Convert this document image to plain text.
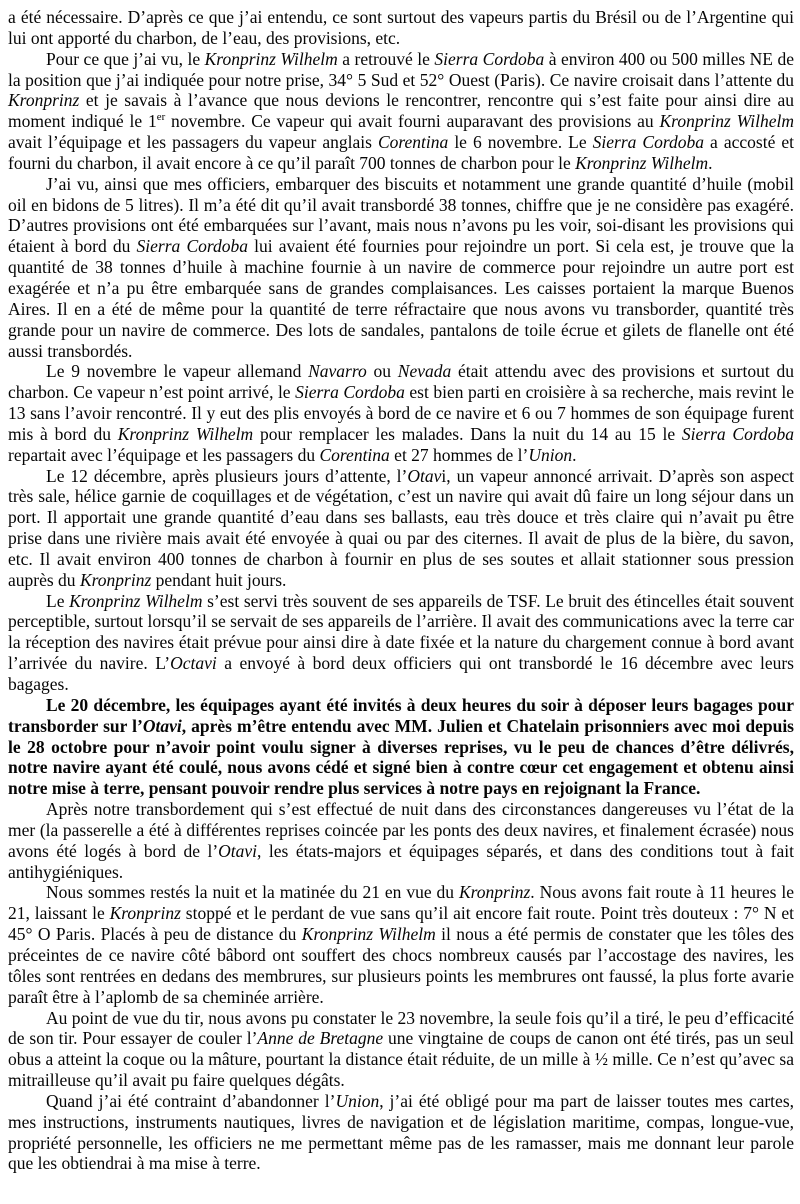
a été nécessaire. D’après ce que j’ai entendu, ce sont surtout des vapeurs partis du Brésil ou de l’Argentine qui lui ont apporté du charbon, de l’eau, des provisions, etc.

Pour ce que j’ai vu, le Kronprinz Wilhelm a retrouvé le Sierra Cordoba à environ 400 ou 500 milles NE de la position que j’ai indiquée pour notre prise, 34° 5 Sud et 52° Ouest (Paris). Ce navire croisait dans l’attente du Kronprinz et je savais à l’avance que nous devions le rencontrer, rencontre qui s’est faite pour ainsi dire au moment indiqué le 1er novembre. Ce vapeur qui avait fourni auparavant des provisions au Kronprinz Wilhelm avait l’équipage et les passagers du vapeur anglais Corentina le 6 novembre. Le Sierra Cordoba a accosté et fourni du charbon, il avait encore à ce qu’il paraît 700 tonnes de charbon pour le Kronprinz Wilhelm.

J’ai vu, ainsi que mes officiers, embarquer des biscuits et notamment une grande quantité d’huile (mobil oil en bidons de 5 litres). Il m’a été dit qu’il avait transbordé 38 tonnes, chiffre que je ne considère pas exagéré. D’autres provisions ont été embarquées sur l’avant, mais nous n’avons pu les voir, soi-disant les provisions qui étaient à bord du Sierra Cordoba lui avaient été fournies pour rejoindre un port. Si cela est, je trouve que la quantité de 38 tonnes d’huile à machine fournie à un navire de commerce pour rejoindre un autre port est exagérée et n’a pu être embarquée sans de grandes complaisances. Les caisses portaient la marque Buenos Aires. Il en a été de même pour la quantité de terre réfractaire que nous avons vu transborder, quantité très grande pour un navire de commerce. Des lots de sandales, pantalons de toile écrue et gilets de flanelle ont été aussi transbordés.

Le 9 novembre le vapeur allemand Navarro ou Nevada était attendu avec des provisions et surtout du charbon. Ce vapeur n’est point arrivé, le Sierra Cordoba est bien parti en croisière à sa recherche, mais revint le 13 sans l’avoir rencontré. Il y eut des plis envoyés à bord de ce navire et 6 ou 7 hommes de son équipage furent mis à bord du Kronprinz Wilhelm pour remplacer les malades. Dans la nuit du 14 au 15 le Sierra Cordoba repartait avec l’équipage et les passagers du Corentina et 27 hommes de l’Union.

Le 12 décembre, après plusieurs jours d’attente, l’Otavi, un vapeur annoncé arrivait. D’après son aspect très sale, hélice garnie de coquillages et de végétation, c’est un navire qui avait dû faire un long séjour dans un port. Il apportait une grande quantité d’eau dans ses ballasts, eau très douce et très claire qui n’avait pu être prise dans une rivière mais avait été envoyée à quai ou par des citernes. Il avait de plus de la bière, du savon, etc. Il avait environ 400 tonnes de charbon à fournir en plus de ses soutes et allait stationner sous pression auprès du Kronprinz pendant huit jours.

Le Kronprinz Wilhelm s’est servi très souvent de ses appareils de TSF. Le bruit des étincelles était souvent perceptible, surtout lorsqu’il se servait de ses appareils de l’arrière. Il avait des communications avec la terre car la réception des navires était prévue pour ainsi dire à date fixée et la nature du chargement connue à bord avant l’arrivée du navire. L’Octavi a envoyé à bord deux officiers qui ont transbordé le 16 décembre avec leurs bagages.

Le 20 décembre, les équipages ayant été invités à deux heures du soir à déposer leurs bagages pour transborder sur l’Otavi, après m’être entendu avec MM. Julien et Chatelain prisonniers avec moi depuis le 28 octobre pour n’avoir point voulu signer à diverses reprises, vu le peu de chances d’être délivrés, notre navire ayant été coulé, nous avons cédé et signé bien à contre cœur cet engagement et obtenu ainsi notre mise à terre, pensant pouvoir rendre plus services à notre pays en rejoignant la France.

Après notre transbordement qui s’est effectué de nuit dans des circonstances dangereuses vu l’état de la mer (la passerelle a été à différentes reprises coincée par les ponts des deux navires, et finalement écrasée) nous avons été logés à bord de l’Otavi, les états-majors et équipages séparés, et dans des conditions tout à fait antihygiéniques.

Nous sommes restés la nuit et la matinée du 21 en vue du Kronprinz. Nous avons fait route à 11 heures le 21, laissant le Kronprinz stoppé et le perdant de vue sans qu’il ait encore fait route. Point très douteux : 7° N et 45° O Paris. Placés à peu de distance du Kronprinz Wilhelm il nous a été permis de constater que les tôles des préceintes de ce navire côté bâbord ont souffert des chocs nombreux causés par l’accostage des navires, les tôles sont rentrées en dedans des membrures, sur plusieurs points les membrures ont faussé, la plus forte avarie paraît être à l’aplomb de sa cheminée arrière.

Au point de vue du tir, nous avons pu constater le 23 novembre, la seule fois qu’il a tiré, le peu d’efficacité de son tir. Pour essayer de couler l’Anne de Bretagne une vingtaine de coups de canon ont été tirés, pas un seul obus a atteint la coque ou la mâture, pourtant la distance était réduite, de un mille à ½ mille. Ce n’est qu’avec sa mitrailleuse qu’il avait pu faire quelques dégâts.

Quand j’ai été contraint d’abandonner l’Union, j’ai été obligé pour ma part de laisser toutes mes cartes, mes instructions, instruments nautiques, livres de navigation et de législation maritime, compas, longue-vue, propriété personnelle, les officiers ne me permettant même pas de les ramasser, mais me donnant leur parole que les obtiendrai à ma mise à terre.
